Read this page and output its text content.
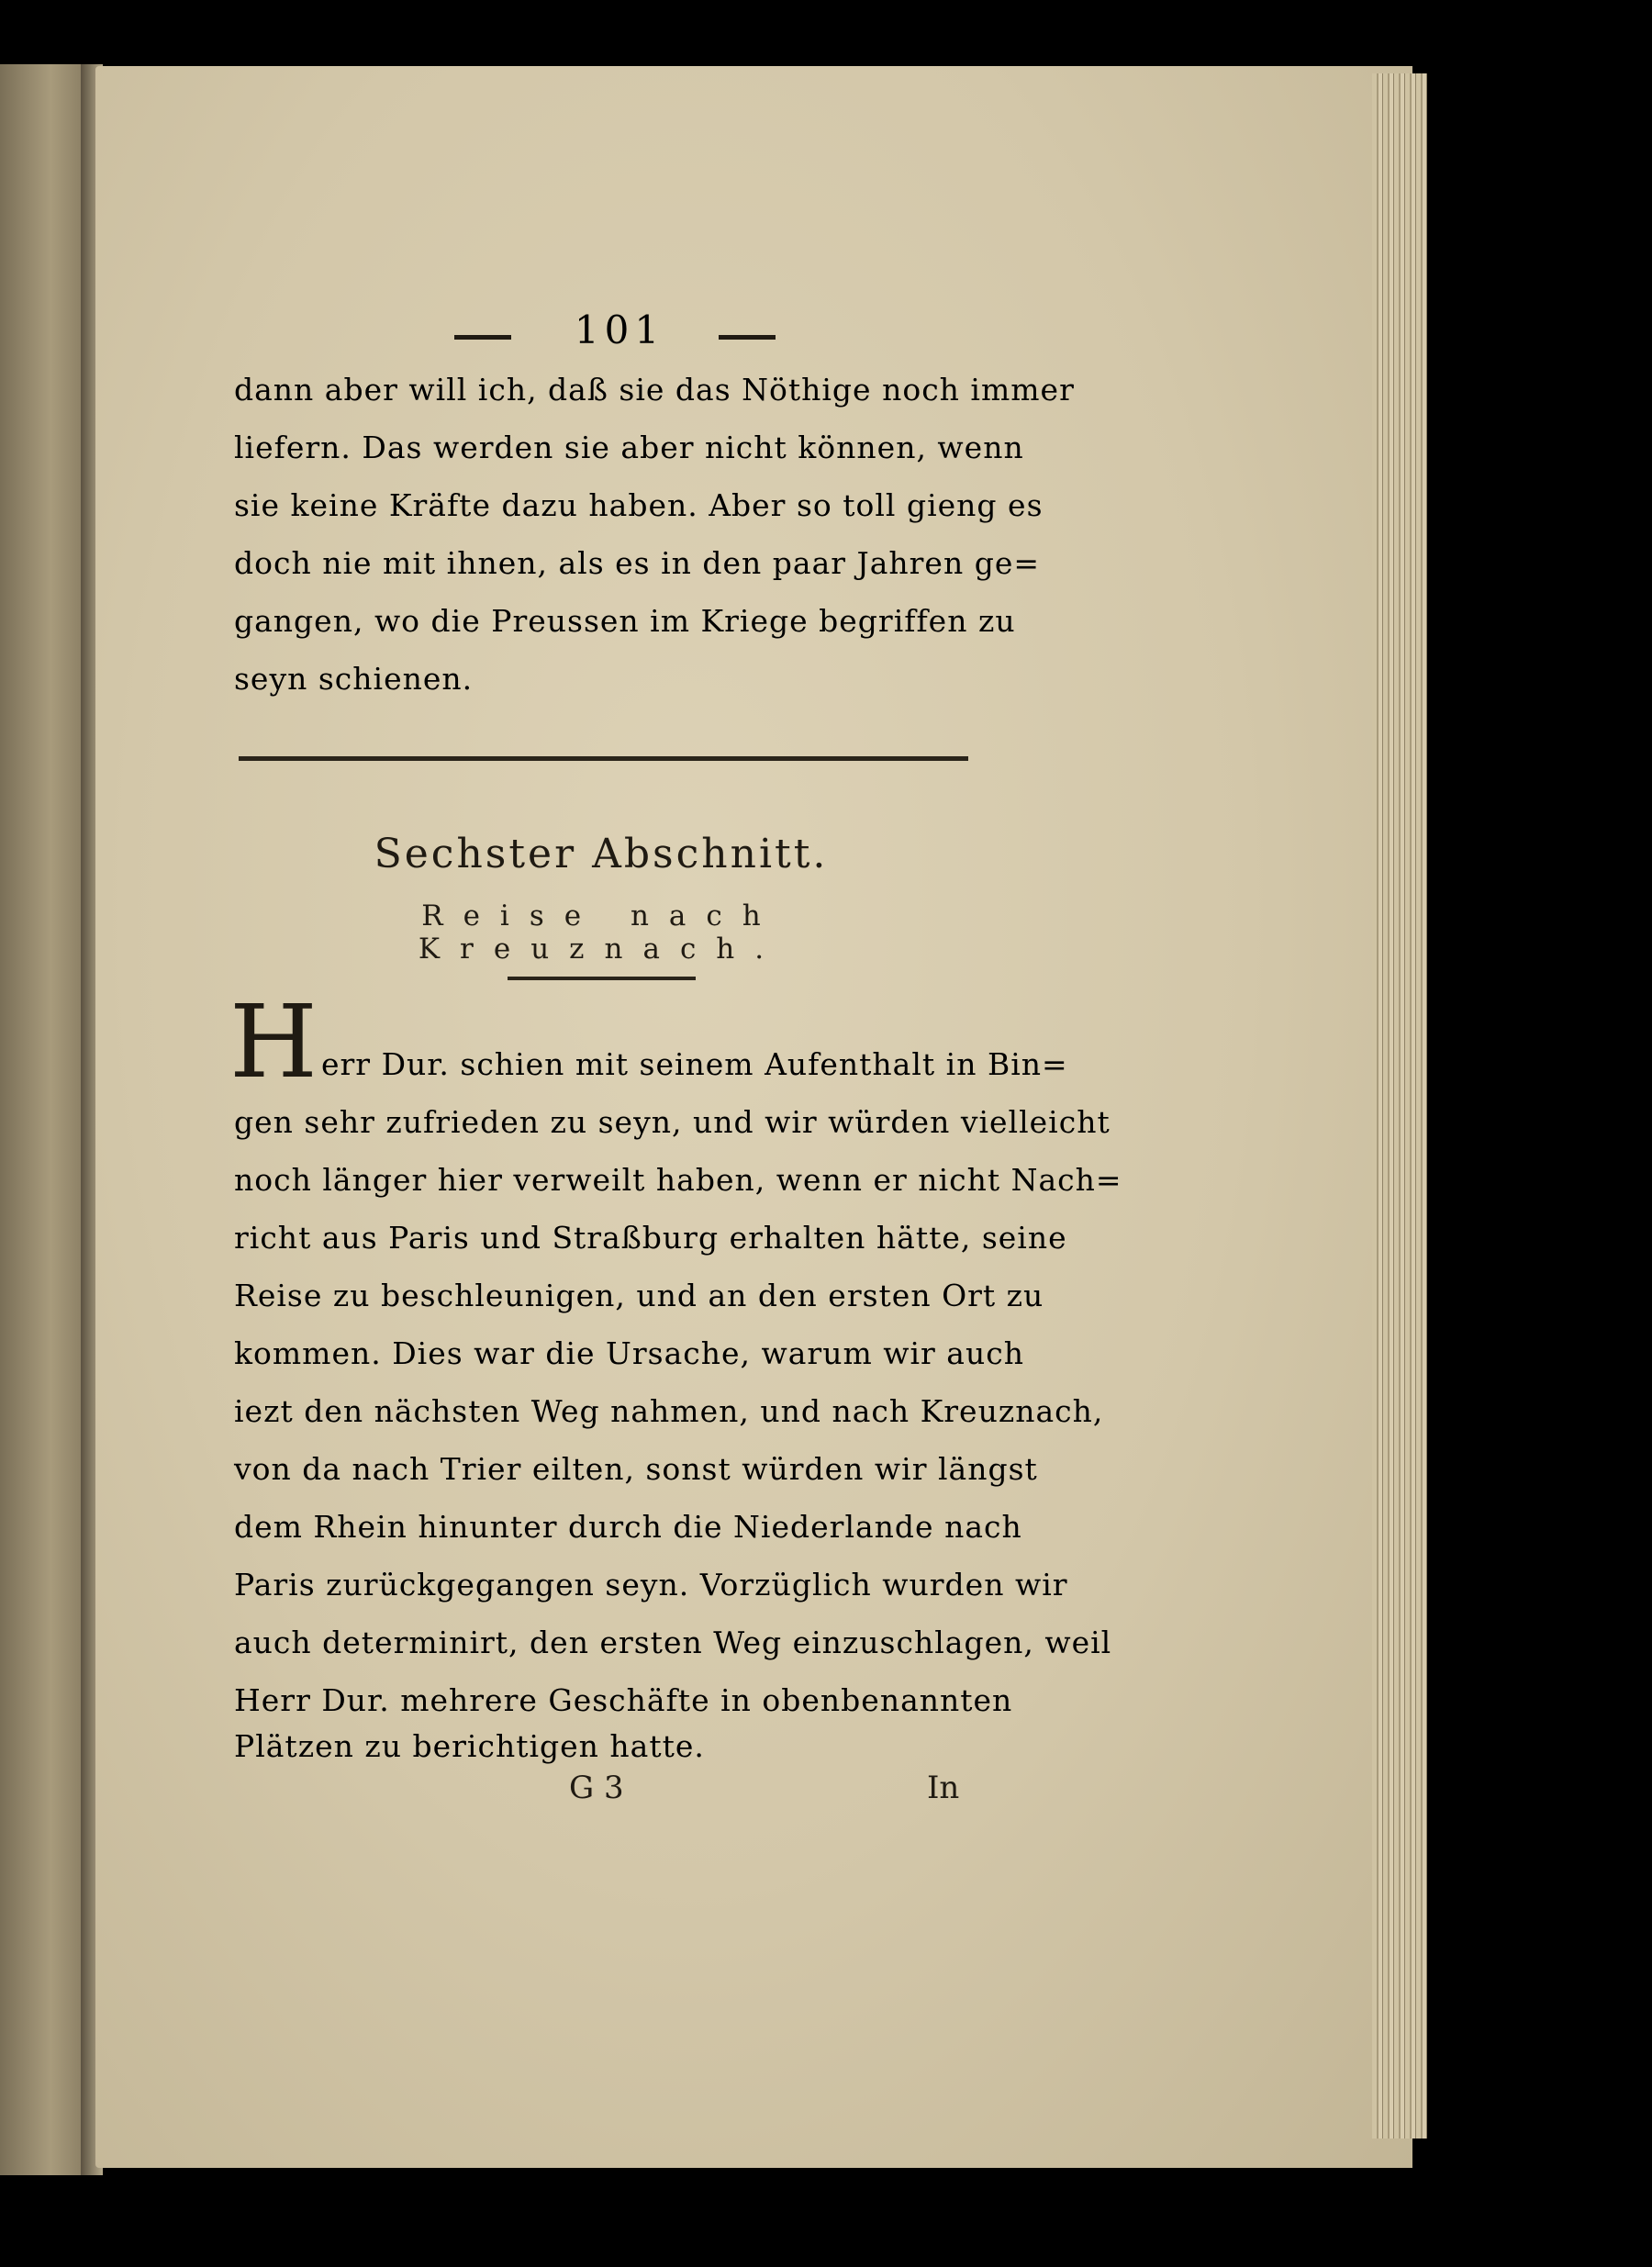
101
dann aber will ich, daß sie das Nöthige noch immer
liefern. Das werden sie aber nicht können, wenn
sie keine Kräfte dazu haben. Aber so toll gieng es
doch nie mit ihnen, als es in den paar Jahren ge=
gangen, wo die Preussen im Kriege begriffen zu
seyn schienen.
Sechster Abschnitt.
Reise nach Kreuznach.
H err Dur. schien mit seinem Aufenthalt in Bin=
gen sehr zufrieden zu seyn, und wir würden vielleicht
noch länger hier verweilt haben, wenn er nicht Nach=
richt aus Paris und Straßburg erhalten hätte, seine
Reise zu beschleunigen, und an den ersten Ort zu
kommen. Dies war die Ursache, warum wir auch
iezt den nächsten Weg nahmen, und nach Kreuznach,
von da nach Trier eilten, sonst würden wir längst
dem Rhein hinunter durch die Niederlande nach
Paris zurückgegangen seyn. Vorzüglich wurden wir
auch determinirt, den ersten Weg einzuschlagen, weil
Herr Dur. mehrere Geschäfte in obenbenannten
Plätzen zu berichtigen hatte.
G 3	In
